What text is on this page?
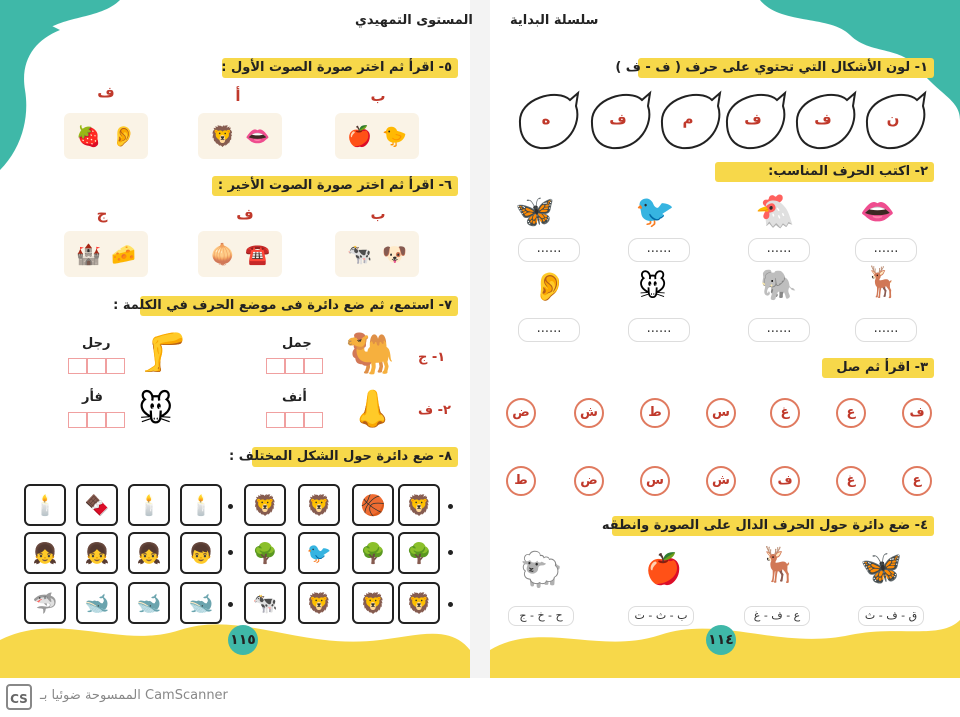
سلسلة البداية
المستوى التمهيدي
١- لون الأشكال التي تحتوي على حرف ( ف - ف )
ن
ف
ف
م
ف
ه
٢- اكتب الحرف المناسب:
👄
🐔
🐦
🦋
......
......
......
......
🦌
🐘
🐭
👂
......
......
......
......
٣- اقرأ ثم صل
ف
ع
غ
س
ط
ش
ض
ع
غ
ف
ش
س
ض
ط
٤- ضع دائرة حول الحرف الدال على الصورة وانطقه
🦋
🦌
🍎
🐑
ق - ف - ث
ع - ف - غ
ب - ث - ت
ح - خ - ج
١١٤
٥- اقرأ ثم اختر صورة الصوت الأول :
ب
أ
ف
🍎 🐤
🦁 👄
🍓 👂
٦- اقرأ ثم اختر صورة الصوت الأخير :
ب
ف
ج
🐄 🐶
🧅 ☎️
🏰 🧀
٧- استمع، ثم ضع دائرة فى موضع الحرف في الكلمة :
١- ج
٢- ف
🐫
جمل
🦵
رجل
👃
أنف
🐭
فأر
٨- ضع دائرة حول الشكل المختلف :
🦁
🏀
🦁
🦁
🕯️
🕯️
🍫
🕯️
🌳
🌳
🐦
🌳
👦
👧
👧
👧
🦁
🦁
🦁
🐄
🐋
🐋
🐋
🦈
١١٥
CS الممسوحة ضوئيا بـ CamScanner
